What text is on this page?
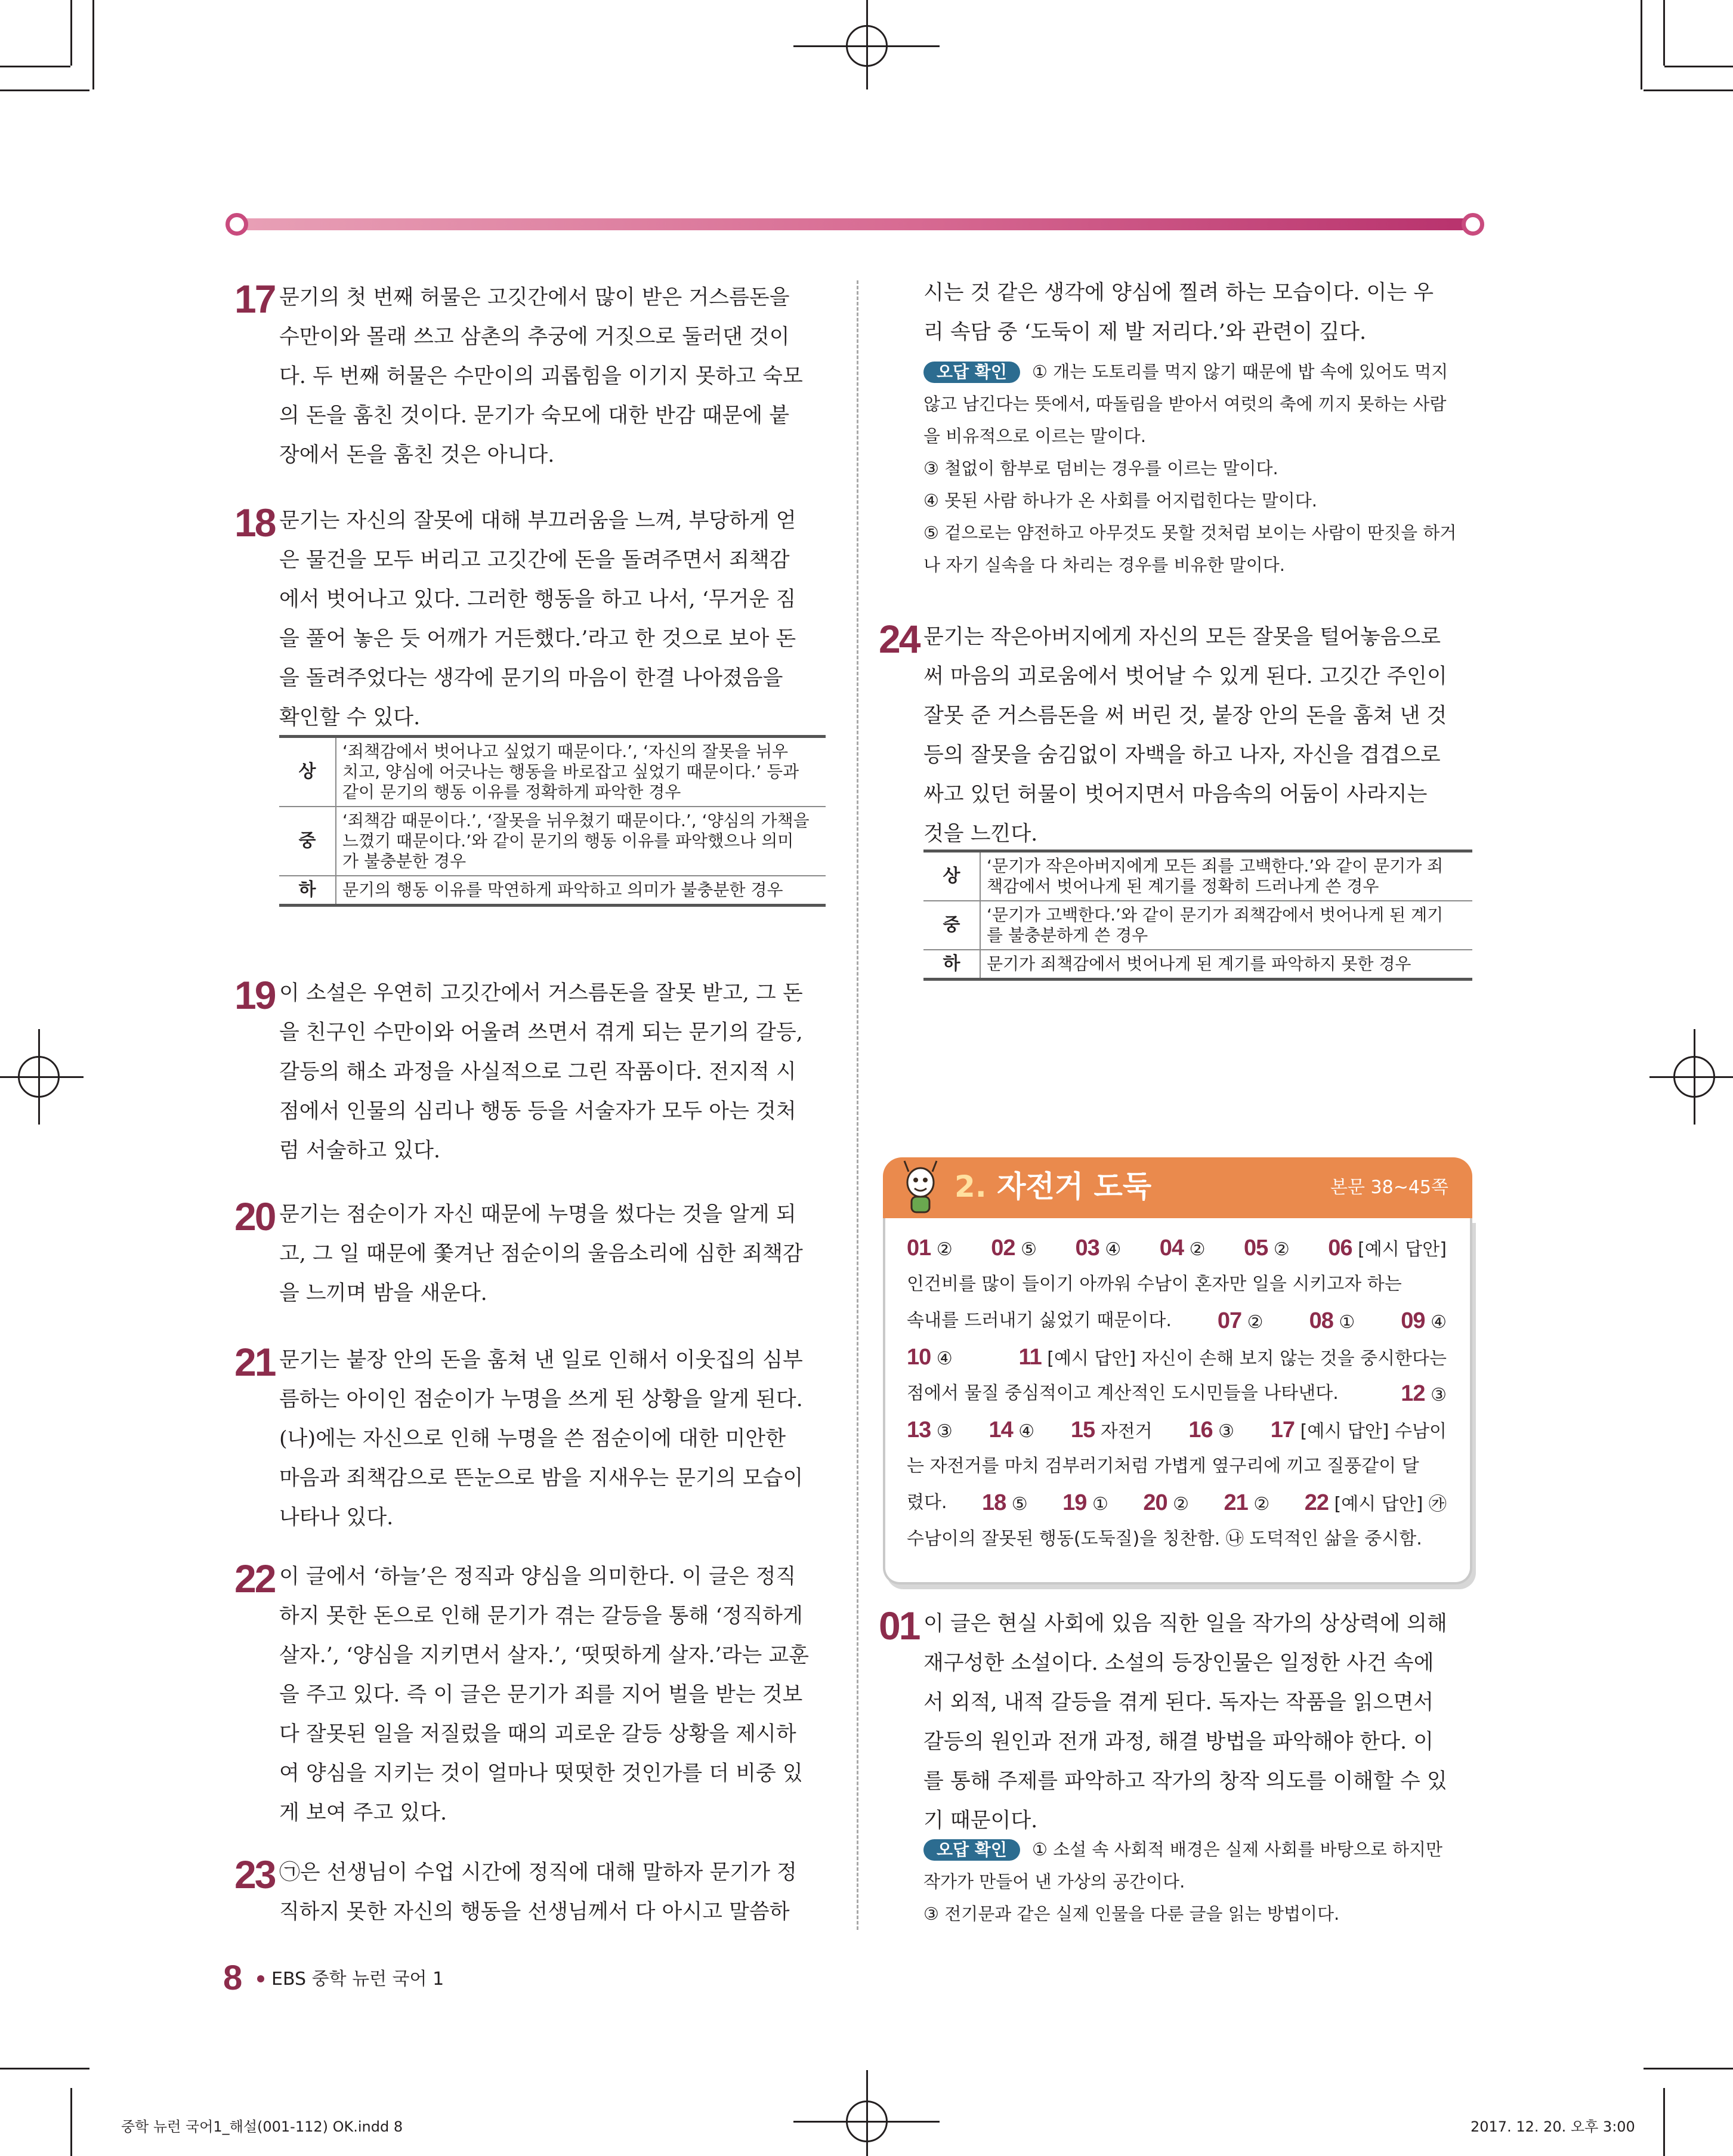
17 문기의 첫 번째 허물은 고깃간에서 많이 받은 거스름돈을
수만이와 몰래 쓰고 삼촌의 추궁에 거짓으로 둘러댄 것이
다. 두 번째 허물은 수만이의 괴롭힘을 이기지 못하고 숙모
의 돈을 훔친 것이다. 문기가 숙모에 대한 반감 때문에 붙
장에서 돈을 훔친 것은 아니다.
18 문기는 자신의 잘못에 대해 부끄러움을 느껴, 부당하게 얻
은 물건을 모두 버리고 고깃간에 돈을 돌려주면서 죄책감
에서 벗어나고 있다. 그러한 행동을 하고 나서, ‘무거운 짐
을 풀어 놓은 듯 어깨가 거든했다.’라고 한 것으로 보아 돈
을 돌려주었다는 생각에 문기의 마음이 한결 나아졌음을
확인할 수 있다.
상	‘죄책감에서 벗어나고 싶었기 때문이다.’, ‘자신의 잘못을 뉘우
치고, 양심에 어긋나는 행동을 바로잡고 싶었기 때문이다.’ 등과
같이 문기의 행동 이유를 정확하게 파악한 경우

중	‘죄책감 때문이다.’, ‘잘못을 뉘우쳤기 때문이다.’, ‘양심의 가책을
느꼈기 때문이다.’와 같이 문기의 행동 이유를 파악했으나 의미
가 불충분한 경우

하	문기의 행동 이유를 막연하게 파악하고 의미가 불충분한 경우
19 이 소설은 우연히 고깃간에서 거스름돈을 잘못 받고, 그 돈
을 친구인 수만이와 어울려 쓰면서 겪게 되는 문기의 갈등,
갈등의 해소 과정을 사실적으로 그린 작품이다. 전지적 시
점에서 인물의 심리나 행동 등을 서술자가 모두 아는 것처
럼 서술하고 있다.
20 문기는 점순이가 자신 때문에 누명을 썼다는 것을 알게 되
고, 그 일 때문에 쫓겨난 점순이의 울음소리에 심한 죄책감
을 느끼며 밤을 새운다.
21 문기는 붙장 안의 돈을 훔쳐 낸 일로 인해서 이웃집의 심부
름하는 아이인 점순이가 누명을 쓰게 된 상황을 알게 된다.
(나)에는 자신으로 인해 누명을 쓴 점순이에 대한 미안한
마음과 죄책감으로 뜬눈으로 밤을 지새우는 문기의 모습이
나타나 있다.
22 이 글에서 ‘하늘’은 정직과 양심을 의미한다. 이 글은 정직
하지 못한 돈으로 인해 문기가 겪는 갈등을 통해 ‘정직하게
살자.’, ‘양심을 지키면서 살자.’, ‘떳떳하게 살자.’라는 교훈
을 주고 있다. 즉 이 글은 문기가 죄를 지어 벌을 받는 것보
다 잘못된 일을 저질렀을 때의 괴로운 갈등 상황을 제시하
여 양심을 지키는 것이 얼마나 떳떳한 것인가를 더 비중 있
게 보여 주고 있다.
23 ㉠은 선생님이 수업 시간에 정직에 대해 말하자 문기가 정
직하지 못한 자신의 행동을 선생님께서 다 아시고 말씀하
시는 것 같은 생각에 양심에 찔려 하는 모습이다. 이는 우
리 속담 중 ‘도둑이 제 발 저리다.’와 관련이 깊다.
오답 확인 ① 개는 도토리를 먹지 않기 때문에 밥 속에 있어도 먹지
않고 남긴다는 뜻에서, 따돌림을 받아서 여럿의 축에 끼지 못하는 사람
을 비유적으로 이르는 말이다.
③ 철없이 함부로 덤비는 경우를 이르는 말이다.
④ 못된 사람 하나가 온 사회를 어지럽힌다는 말이다.
⑤ 겉으로는 얌전하고 아무것도 못할 것처럼 보이는 사람이 딴짓을 하거
나 자기 실속을 다 차리는 경우를 비유한 말이다.
24 문기는 작은아버지에게 자신의 모든 잘못을 털어놓음으로
써 마음의 괴로움에서 벗어날 수 있게 된다. 고깃간 주인이
잘못 준 거스름돈을 써 버린 것, 붙장 안의 돈을 훔쳐 낸 것
등의 잘못을 숨김없이 자백을 하고 나자, 자신을 겹겹으로
싸고 있던 허물이 벗어지면서 마음속의 어둠이 사라지는
것을 느낀다.
상	‘문기가 작은아버지에게 모든 죄를 고백한다.’와 같이 문기가 죄
책감에서 벗어나게 된 계기를 정확히 드러나게 쓴 경우

중	‘문기가 고백한다.’와 같이 문기가 죄책감에서 벗어나게 된 계기
를 불충분하게 쓴 경우

하	문기가 죄책감에서 벗어나게 된 계기를 파악하지 못한 경우
2. 자전거 도둑	본문 38~45쪽
01 ② 02 ⑤ 03 ④ 04 ② 05 ② 06 [예시 답안]
인건비를 많이 들이기 아까워 수남이 혼자만 일을 시키고자 하는
속내를 드러내기 싫었기 때문이다. 07 ② 08 ① 09 ④
10 ④	11 [예시 답안] 자신이 손해 보지 않는 것을 중시한다는
점에서 물질 중심적이고 계산적인 도시민들을 나타낸다.	12 ③
13 ③ 14 ④ 15 자전거 16 ③ 17 [예시 답안] 수남이
는 자전거를 마치 검부러기처럼 가볍게 옆구리에 끼고 질풍같이 달
렸다. 18 ⑤ 19 ① 20 ② 21 ② 22 [예시 답안] ㉮
수남이의 잘못된 행동(도둑질)을 칭찬함. ㉯ 도덕적인 삶을 중시함.
01 이 글은 현실 사회에 있음 직한 일을 작가의 상상력에 의해
재구성한 소설이다. 소설의 등장인물은 일정한 사건 속에
서 외적, 내적 갈등을 겪게 된다. 독자는 작품을 읽으면서
갈등의 원인과 전개 과정, 해결 방법을 파악해야 한다. 이
를 통해 주제를 파악하고 작가의 창작 의도를 이해할 수 있
기 때문이다.
오답 확인 ① 소설 속 사회적 배경은 실제 사회를 바탕으로 하지만
작가가 만들어 낸 가상의 공간이다.
③ 전기문과 같은 실제 인물을 다룬 글을 읽는 방법이다.
8 EBS 중학 뉴런 국어 1
중학 뉴런 국어1_해설(001-112) OK.indd 8	2017. 12. 20. 오후 3:00
